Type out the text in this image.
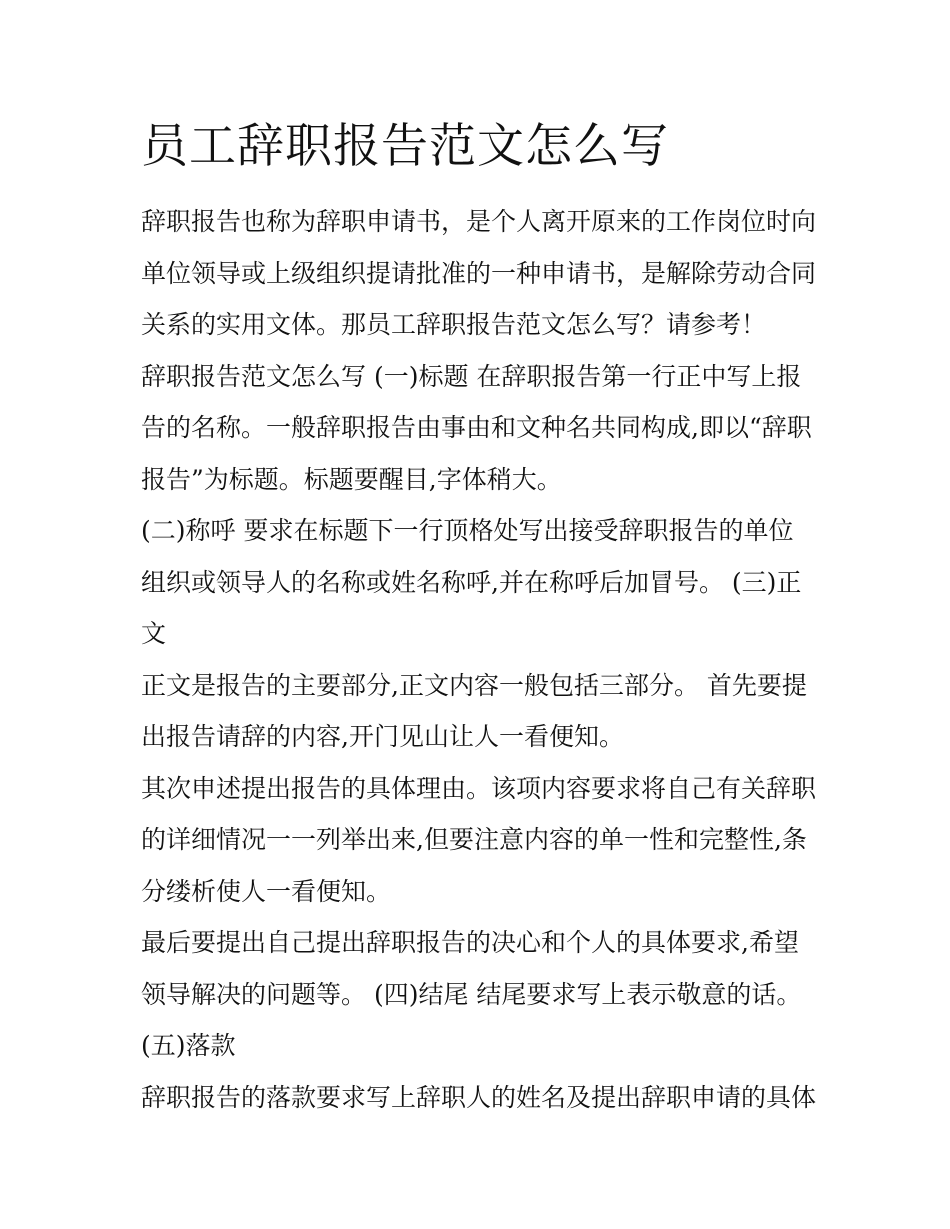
员工辞职报告范文怎么写

辞职报告也称为辞职申请书，是个人离开原来的工作岗位时向
单位领导或上级组织提请批准的一种申请书，是解除劳动合同
关系的实用文体。那员工辞职报告范文怎么写？请参考！

辞职报告范文怎么写 (一)标题 在辞职报告第一行正中写上报
告的名称。一般辞职报告由事由和文种名共同构成,即以“辞职
报告”为标题。标题要醒目,字体稍大。

(二)称呼 要求在标题下一行顶格处写出接受辞职报告的单位
组织或领导人的名称或姓名称呼,并在称呼后加冒号。 (三)正
文

正文是报告的主要部分,正文内容一般包括三部分。 首先要提
出报告请辞的内容,开门见山让人一看便知。

其次申述提出报告的具体理由。该项内容要求将自己有关辞职
的详细情况一一列举出来,但要注意内容的单一性和完整性,条
分缕析使人一看便知。

最后要提出自己提出辞职报告的决心和个人的具体要求,希望
领导解决的问题等。 (四)结尾 结尾要求写上表示敬意的话。

(五)落款

辞职报告的落款要求写上辞职人的姓名及提出辞职申请的具体
